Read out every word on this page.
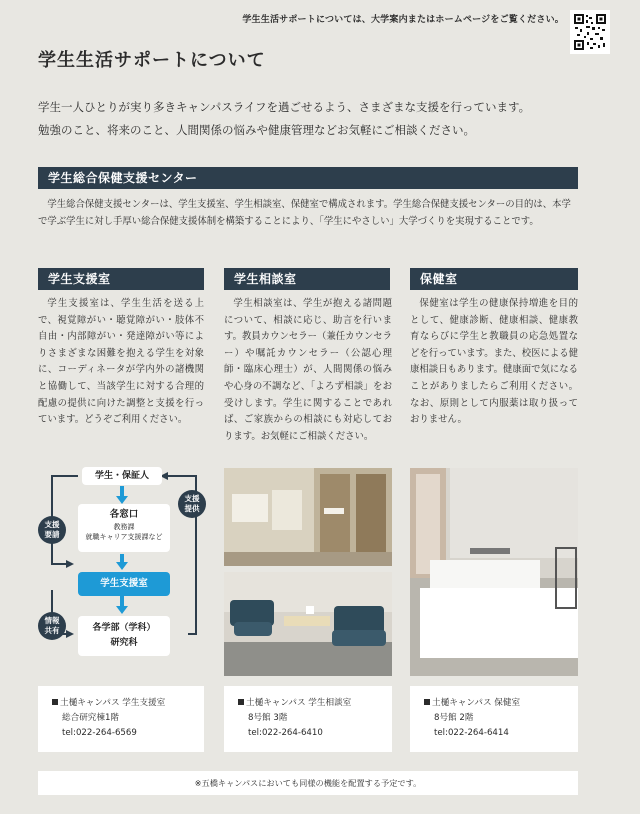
学生生活サポートについては、大学案内またはホームページをご覧ください。
学生生活サポートについて
学生一人ひとりが実り多きキャンパスライフを過ごせるよう、さまざまな支援を行っています。
勉強のこと、将来のこと、人間関係の悩みや健康管理などお気軽にご相談ください。
学生総合保健支援センター
学生総合保健支援センターは、学生支援室、学生相談室、保健室で構成されます。学生総合保健支援センターの目的は、本学で学ぶ学生に対し手厚い総合保健支援体制を構築することにより、「学生にやさしい」大学づくりを実現することです。
学生支援室	学生相談室	保健室
学生支援室は、学生生活を送る上で、視覚障がい・聴覚障がい・肢体不自由・内部障がい・発達障がい等によりさまざまな困難を抱える学生を対象に、コーディネータが学内外の諸機関と協働して、当該学生に対する合理的配慮の提供に向けた調整と支援を行っています。どうぞご利用ください。
学生相談室は、学生が抱える諸問題について、相談に応じ、助言を行います。教員カウンセラー（兼任カウンセラー）や嘱託カウンセラー（公認心理師・臨床心理士）が、人間関係の悩みや心身の不調など、「よろず相談」をお受けします。学生に関することであれば、ご家族からの相談にも対応しております。お気軽にご相談ください。
保健室は学生の健康保持増進を目的として、健康診断、健康相談、健康教育ならびに学生と教職員の応急処置などを行っています。また、校医による健康相談日もあります。健康面で気になることがありましたらご利用ください。なお、原則として内服薬は取り扱っておりません。
学生・保証人
各窓口
教務課
就職キャリア支援課など
学生支援室
各学部（学科）
研究科
支援要請
情報共有
支援提供
土樋キャンパス 学生支援室
総合研究棟1階
tel:022-264-6569
土樋キャンパス 学生相談室
8号館 3階
tel:022-264-6410
土樋キャンパス 保健室
8号館 2階
tel:022-264-6414
※五橋キャンパスにおいても同様の機能を配置する予定です。
